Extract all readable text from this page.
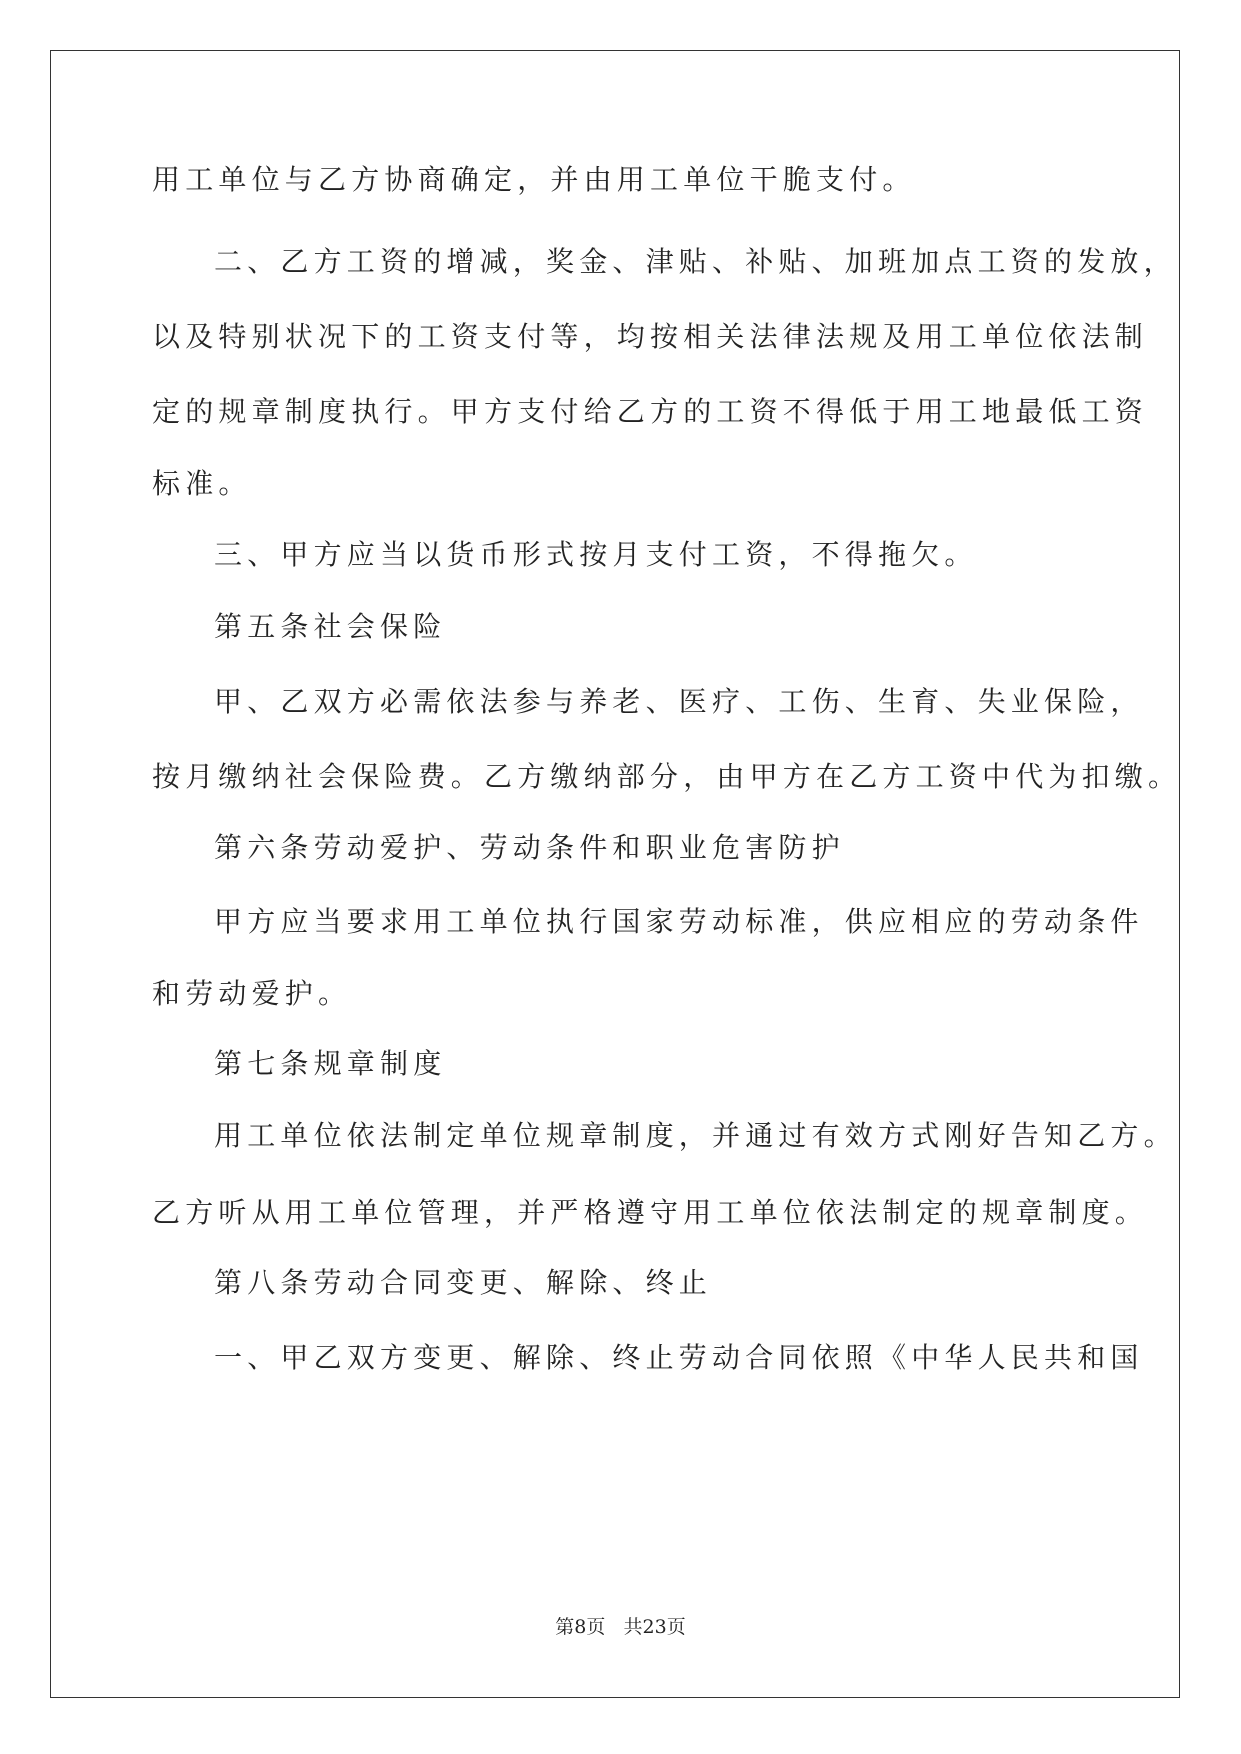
用工单位与乙方协商确定，并由用工单位干脆支付。
二、乙方工资的增减，奖金、津贴、补贴、加班加点工资的发放，
以及特别状况下的工资支付等，均按相关法律法规及用工单位依法制
定的规章制度执行。甲方支付给乙方的工资不得低于用工地最低工资
标准。
三、甲方应当以货币形式按月支付工资，不得拖欠。
第五条社会保险
甲、乙双方必需依法参与养老、医疗、工伤、生育、失业保险，
按月缴纳社会保险费。乙方缴纳部分，由甲方在乙方工资中代为扣缴。
第六条劳动爱护、劳动条件和职业危害防护
甲方应当要求用工单位执行国家劳动标准，供应相应的劳动条件
和劳动爱护。
第七条规章制度
用工单位依法制定单位规章制度，并通过有效方式刚好告知乙方。
乙方听从用工单位管理，并严格遵守用工单位依法制定的规章制度。
第八条劳动合同变更、解除、终止
一、甲乙双方变更、解除、终止劳动合同依照《中华人民共和国
第8页 共23页
